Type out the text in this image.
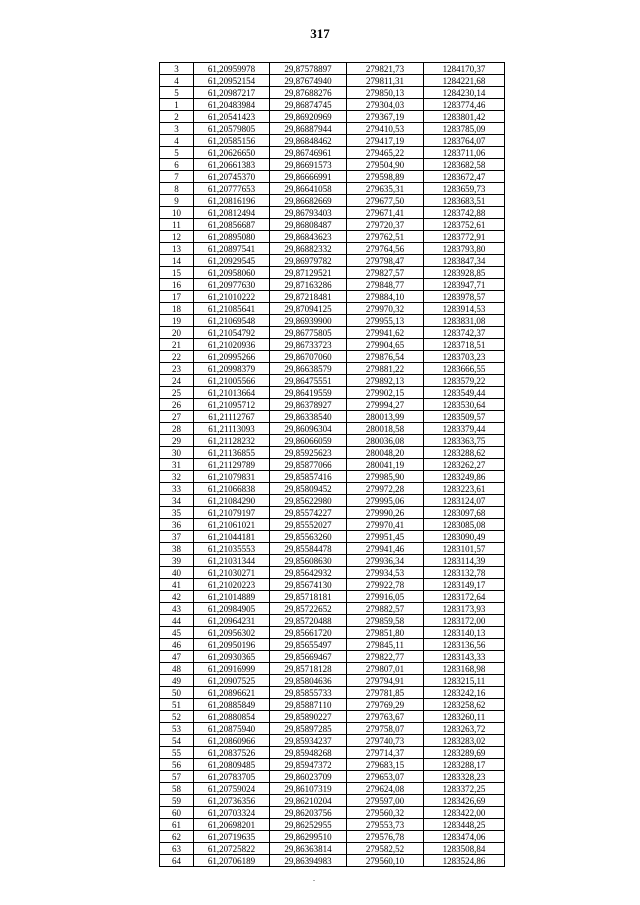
317
3	61,20959978	29,87578897	279821,73	1284170,37
4	61,20952154	29,87674940	279811,31	1284221,68
5	61,20987217	29,87688276	279850,13	1284230,14
1	61,20483984	29,86874745	279304,03	1283774,46
2	61,20541423	29,86920969	279367,19	1283801,42
3	61,20579805	29,86887944	279410,53	1283785,09
4	61,20585156	29,86848462	279417,19	1283764,07
5	61,20626650	29,86746961	279465,22	1283711,06
6	61,20661383	29,86691573	279504,90	1283682,58
7	61,20745370	29,86666991	279598,89	1283672,47
8	61,20777653	29,86641058	279635,31	1283659,73
9	61,20816196	29,86682669	279677,50	1283683,51
10	61,20812494	29,86793403	279671,41	1283742,88
11	61,20856687	29,86808487	279720,37	1283752,61
12	61,20895080	29,86843623	279762,51	1283772,91
13	61,20897541	29,86882332	279764,56	1283793,80
14	61,20929545	29,86979782	279798,47	1283847,34
15	61,20958060	29,87129521	279827,57	1283928,85
16	61,20977630	29,87163286	279848,77	1283947,71
17	61,21010222	29,87218481	279884,10	1283978,57
18	61,21085641	29,87094125	279970,32	1283914,53
19	61,21069548	29,86939900	279955,13	1283831,08
20	61,21054792	29,86775805	279941,62	1283742,37
21	61,21020936	29,86733723	279904,65	1283718,51
22	61,20995266	29,86707060	279876,54	1283703,23
23	61,20998379	29,86638579	279881,22	1283666,55
24	61,21005566	29,86475551	279892,13	1283579,22
25	61,21013664	29,86419559	279902,15	1283549,44
26	61,21095712	29,86378927	279994,27	1283530,64
27	61,21112767	29,86338540	280013,99	1283509,57
28	61,21113093	29,86096304	280018,58	1283379,44
29	61,21128232	29,86066059	280036,08	1283363,75
30	61,21136855	29,85925623	280048,20	1283288,62
31	61,21129789	29,85877066	280041,19	1283262,27
32	61,21079831	29,85857416	279985,90	1283249,86
33	61,21066838	29,85809452	279972,28	1283223,61
34	61,21084290	29,85622980	279995,06	1283124,07
35	61,21079197	29,85574227	279990,26	1283097,68
36	61,21061021	29,85552027	279970,41	1283085,08
37	61,21044181	29,85563260	279951,45	1283090,49
38	61,21035553	29,85584478	279941,46	1283101,57
39	61,21031344	29,85608630	279936,34	1283114,39
40	61,21030271	29,85642932	279934,53	1283132,78
41	61,21020223	29,85674130	279922,78	1283149,17
42	61,21014889	29,85718181	279916,05	1283172,64
43	61,20984905	29,85722652	279882,57	1283173,93
44	61,20964231	29,85720488	279859,58	1283172,00
45	61,20956302	29,85661720	279851,80	1283140,13
46	61,20950196	29,85655497	279845,11	1283136,56
47	61,20930365	29,85669467	279822,77	1283143,33
48	61,20916999	29,85718128	279807,01	1283168,98
49	61,20907525	29,85804636	279794,91	1283215,11
50	61,20896621	29,85855733	279781,85	1283242,16
51	61,20885849	29,85887110	279769,29	1283258,62
52	61,20880854	29,85890227	279763,67	1283260,11
53	61,20875940	29,85897285	279758,07	1283263,72
54	61,20860966	29,85934237	279740,73	1283283,02
55	61,20837526	29,85948268	279714,37	1283289,69
56	61,20809485	29,85947372	279683,15	1283288,17
57	61,20783705	29,86023709	279653,07	1283328,23
58	61,20759024	29,86107319	279624,08	1283372,25
59	61,20736356	29,86210204	279597,00	1283426,69
60	61,20703324	29,86203756	279560,32	1283422,00
61	61,20698201	29,86252955	279553,73	1283448,25
62	61,20719635	29,86299510	279576,78	1283474,06
63	61,20725822	29,86363814	279582,52	1283508,84
64	61,20706189	29,86394983	279560,10	1283524,86
